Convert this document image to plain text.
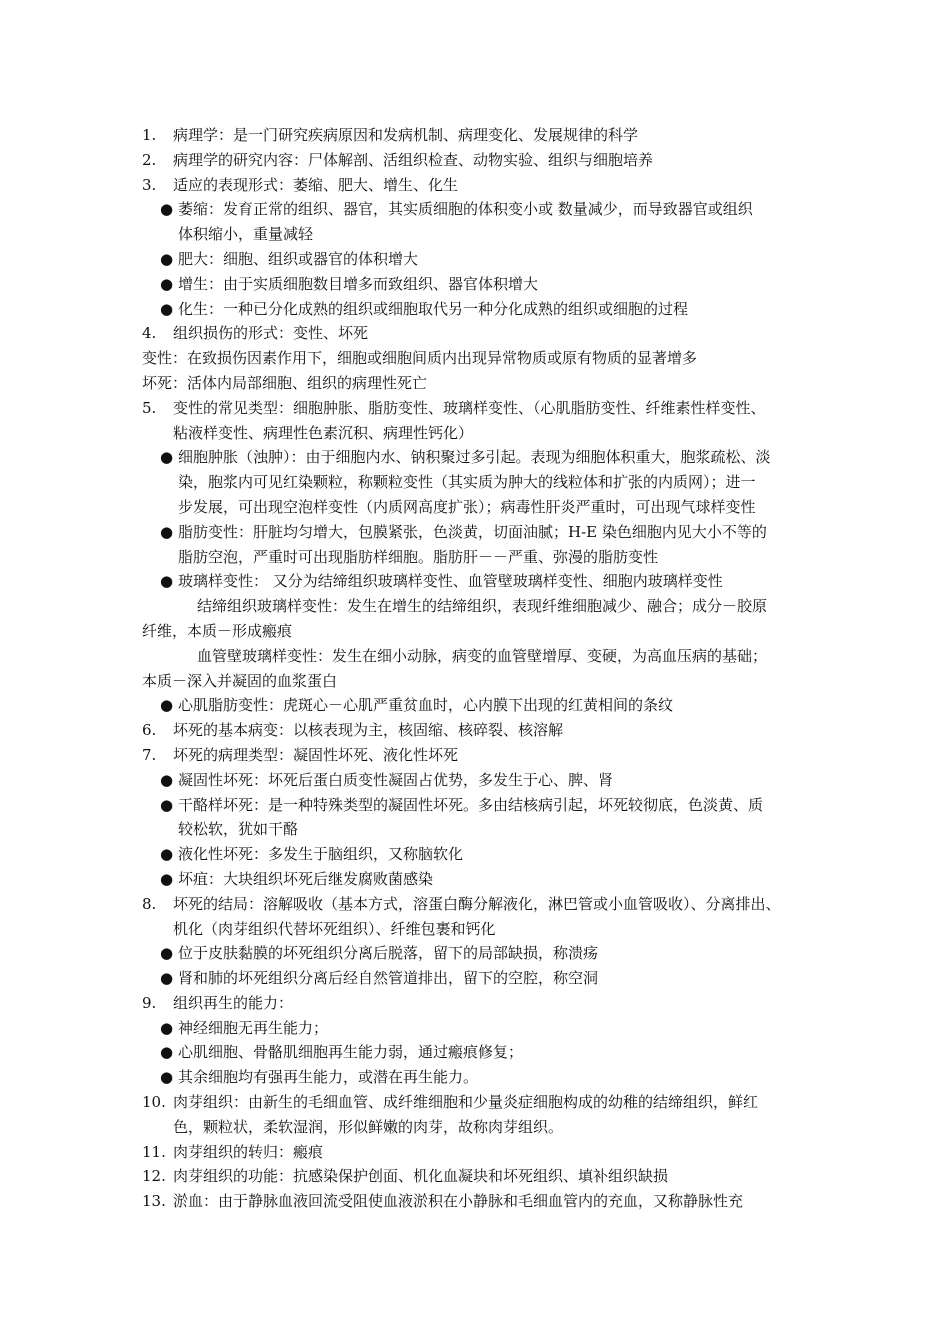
1. 病理学：是一门研究疾病原因和发病机制、病理变化、发展规律的科学
2. 病理学的研究内容：尸体解剖、活组织检查、动物实验、组织与细胞培养
3. 适应的表现形式：萎缩、肥大、增生、化生
● 萎缩：发育正常的组织、器官，其实质细胞的体积变小或 数量减少，而导致器官或组织
体积缩小，重量减轻
● 肥大：细胞、组织或器官的体积增大
● 增生：由于实质细胞数目增多而致组织、器官体积增大
● 化生：一种已分化成熟的组织或细胞取代另一种分化成熟的组织或细胞的过程
4. 组织损伤的形式：变性、坏死
变性：在致损伤因素作用下，细胞或细胞间质内出现异常物质或原有物质的显著增多
坏死：活体内局部细胞、组织的病理性死亡
5. 变性的常见类型：细胞肿胀、脂肪变性、玻璃样变性、（心肌脂肪变性、纤维素性样变性、
粘液样变性、病理性色素沉积、病理性钙化）
● 细胞肿胀（浊肿）：由于细胞内水、钠积聚过多引起。表现为细胞体积重大，胞浆疏松、淡
染，胞浆内可见红染颗粒，称颗粒变性（其实质为肿大的线粒体和扩张的内质网）；进一
步发展，可出现空泡样变性（内质网高度扩张）；病毒性肝炎严重时，可出现气球样变性
● 脂肪变性：肝脏均匀增大，包膜紧张，色淡黄，切面油腻；H-E 染色细胞内见大小不等的
脂肪空泡，严重时可出现脂肪样细胞。脂肪肝－－严重、弥漫的脂肪变性
● 玻璃样变性： 又分为结缔组织玻璃样变性、血管壁玻璃样变性、细胞内玻璃样变性
结缔组织玻璃样变性：发生在增生的结缔组织，表现纤维细胞减少、融合；成分－胶原
纤维，本质－形成瘢痕
血管壁玻璃样变性：发生在细小动脉，病变的血管壁增厚、变硬，为高血压病的基础；
本质－深入并凝固的血浆蛋白
● 心肌脂肪变性：虎斑心－心肌严重贫血时，心内膜下出现的红黄相间的条纹
6. 坏死的基本病变：以核表现为主，核固缩、核碎裂、核溶解
7. 坏死的病理类型：凝固性坏死、液化性坏死
● 凝固性坏死：坏死后蛋白质变性凝固占优势，多发生于心、脾、肾
● 干酪样坏死：是一种特殊类型的凝固性坏死。多由结核病引起，坏死较彻底，色淡黄、质
较松软，犹如干酪
● 液化性坏死：多发生于脑组织，又称脑软化
● 坏疽：大块组织坏死后继发腐败菌感染
8. 坏死的结局：溶解吸收（基本方式，溶蛋白酶分解液化，淋巴管或小血管吸收）、分离排出、
机化（肉芽组织代替坏死组织）、纤维包裹和钙化
● 位于皮肤黏膜的坏死组织分离后脱落，留下的局部缺损，称溃疡
● 肾和肺的坏死组织分离后经自然管道排出，留下的空腔，称空洞
9. 组织再生的能力：
● 神经细胞无再生能力；
● 心肌细胞、骨骼肌细胞再生能力弱，通过瘢痕修复；
● 其余细胞均有强再生能力，或潜在再生能力。
10. 肉芽组织：由新生的毛细血管、成纤维细胞和少量炎症细胞构成的幼稚的结缔组织，鲜红
色，颗粒状，柔软湿润，形似鲜嫩的肉芽，故称肉芽组织。
11. 肉芽组织的转归：瘢痕
12. 肉芽组织的功能：抗感染保护创面、机化血凝块和坏死组织、填补组织缺损
13. 淤血：由于静脉血液回流受阻使血液淤积在小静脉和毛细血管内的充血，又称静脉性充
